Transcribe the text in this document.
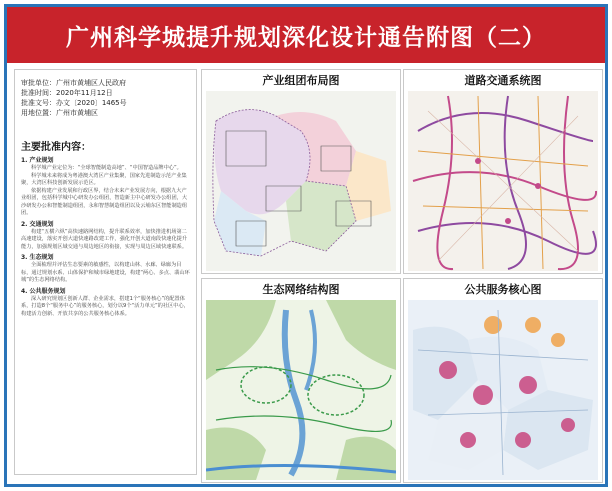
广州科学城提升规划深化设计通告附图（二）
审批单位：广州市黄埔区人民政府
批准时间：2020年11月12日
批准文号：办文〔2020〕1465号
用地位置：广州市黄埔区
主要批准内容：
1. 产业规划

科学城产业定位为：“全球智能制造高地”、“中国智造品牌中心”。

科学城未来将成为粤港澳大湾区产业集聚，国家先进制造示范产业集聚，大湾区科技创新发展示范区。

依据构建产业发展和行政区界，结合未来产业发展方向，根据九大产业组团，包括科学城中心研发办公组团，智造新主中心研发办公组团，大沙研发办公和智能制造组团，永和智慧制造组团以及云埔东区智能制造组团。

2. 交通规划

构建“五横六纵”高快速路网结构，提升联系效率，加快推进机场第二高速建设，落实开创大道快速路改建工作，强化开创大道南段快速化提升能力，加强规划区域交通与周边地区的衔接，实现与周边区域快速联系。

3. 生态规划

全面梳理并评估生态要素的敏感性，以构建山林、水廊、绿廊为目标，通过规划水系、山体保护和城市绿地建设，构建“两心、多点、翡山环城”的生态网络结构。

4. 公共服务规划

深入研究规划区创新人群、企业需求，搭建1个“服务核心”的配置体系，打造8个“服务中心”的服务核心，划分以9个“活力单元”的社区中心，构建活力创新、开放共享的公共服务核心体系。

产业组团布局图	道路交通系统图
生态网络结构图	公共服务核心图
